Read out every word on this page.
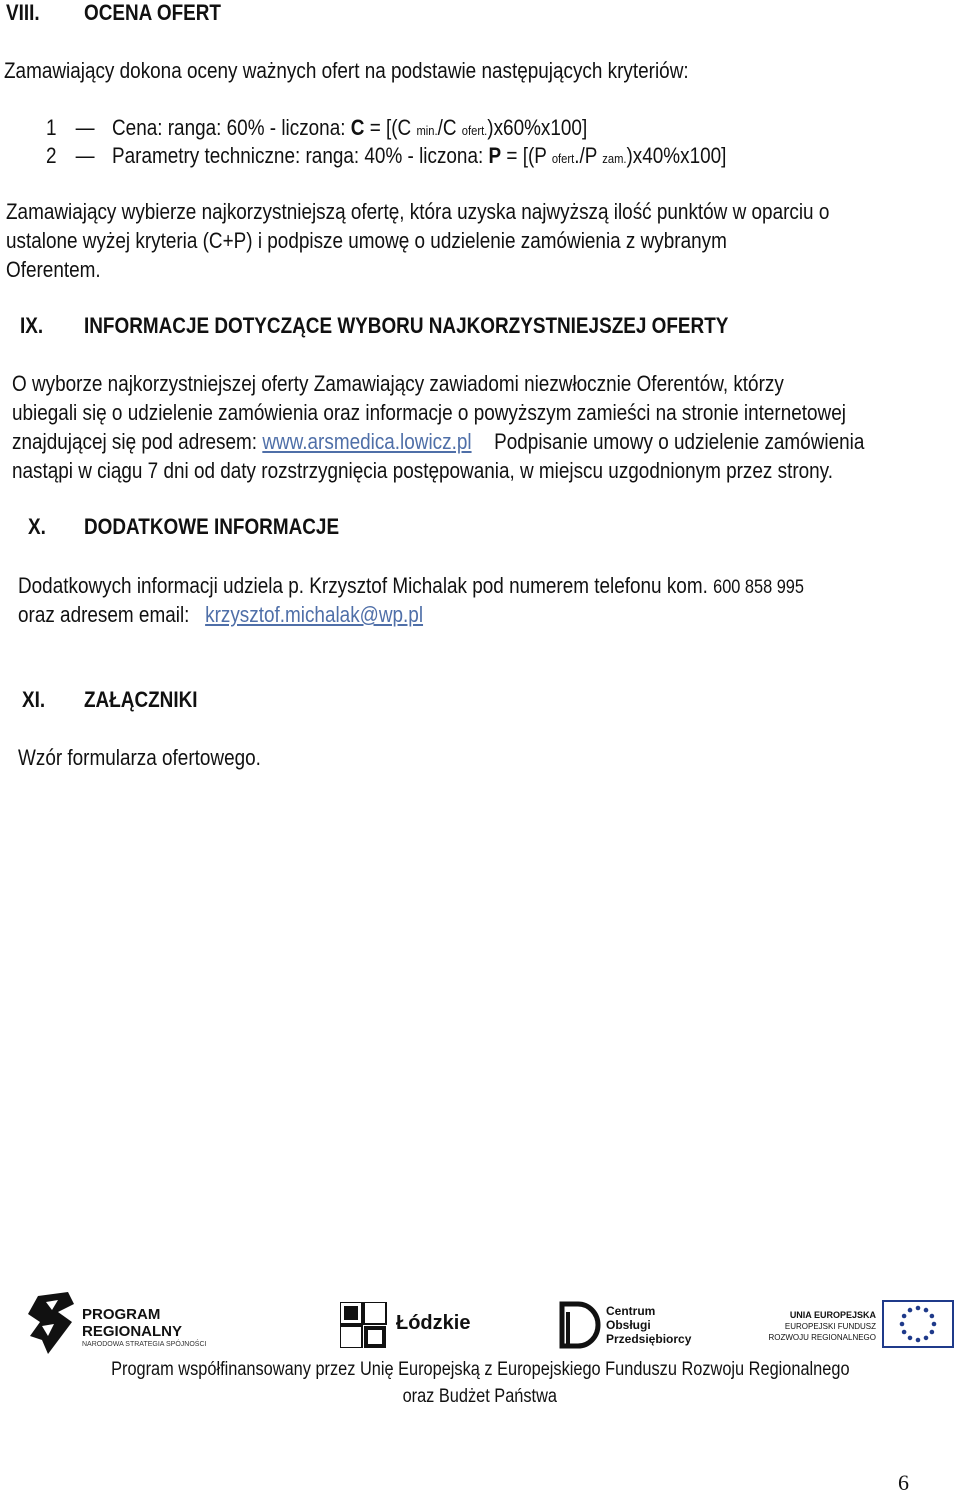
VIII. OCENA OFERT
Zamawiający dokona oceny ważnych ofert na podstawie następujących kryteriów:
1 — Cena: ranga: 60% - liczona: C = [(C min./C ofert.)x60%x100]
2 — Parametry techniczne: ranga: 40% - liczona: P = [(P ofert./P zam.)x40%x100]
Zamawiający wybierze najkorzystniejszą ofertę, która uzyska najwyższą ilość punktów w oparciu o
ustalone wyżej kryteria (C+P) i podpisze umowę o udzielenie zamówienia z wybranym
Oferentem.
IX. INFORMACJE DOTYCZĄCE WYBORU NAJKORZYSTNIEJSZEJ OFERTY
O wyborze najkorzystniejszej oferty Zamawiający zawiadomi niezwłocznie Oferentów, którzy
ubiegali się o udzielenie zamówienia oraz informacje o powyższym zamieści na stronie internetowej
znajdującej się pod adresem: www.arsmedica.lowicz.pl Podpisanie umowy o udzielenie zamówienia
nastąpi w ciągu 7 dni od daty rozstrzygnięcia postępowania, w miejscu uzgodnionym przez strony.
X. DODATKOWE INFORMACJE
Dodatkowych informacji udziela p. Krzysztof Michalak pod numerem telefonu kom. 600 858 995
oraz adresem email: krzysztof.michalak@wp.pl
XI. ZAŁĄCZNIKI
Wzór formularza ofertowego.
PROGRAM
REGIONALNY
NARODOWA STRATEGIA SPÓJNOŚCI
Łódzkie
Centrum
Obsługi
Przedsiębiorcy
UNIA EUROPEJSKA
EUROPEJSKI FUNDUSZ
ROZWOJU REGIONALNEGO
Program współfinansowany przez Unię Europejską z Europejskiego Funduszu Rozwoju Regionalnego
oraz Budżet Państwa
6
